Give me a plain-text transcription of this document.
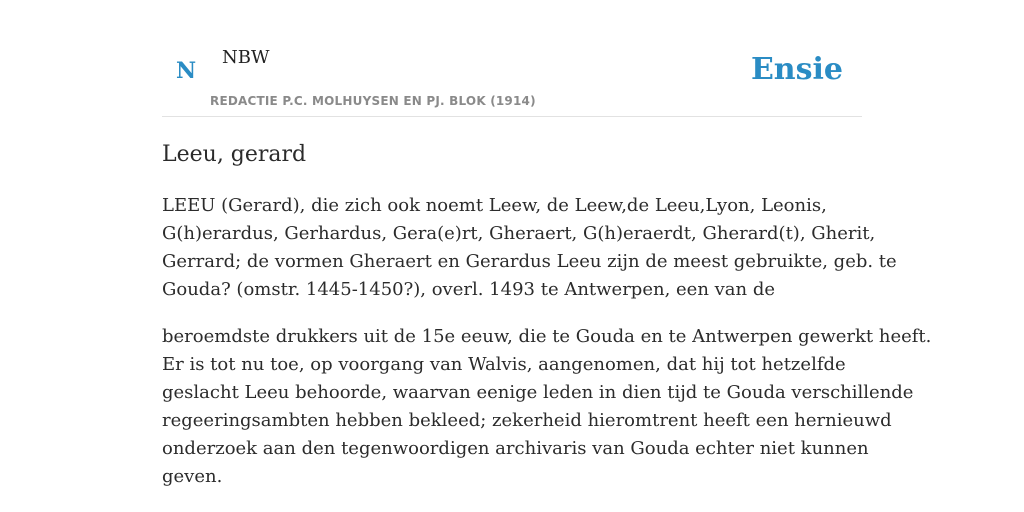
N
NBW
REDACTIE P.C. MOLHUYSEN EN PJ. BLOK (1914)
Ensie
Leeu, gerard

LEEU (Gerard), die zich ook noemt Leew, de Leew,de Leeu,Lyon, Leonis,
G(h)erardus, Gerhardus, Gera(e)rt, Gheraert, G(h)eraerdt, Gherard(t), Gherit,
Gerrard; de vormen Gheraert en Gerardus Leeu zijn de meest gebruikte, geb. te
Gouda? (omstr. 1445-1450?), overl. 1493 te Antwerpen, een van de

beroemdste drukkers uit de 15e eeuw, die te Gouda en te Antwerpen gewerkt heeft.
Er is tot nu toe, op voorgang van Walvis, aangenomen, dat hij tot hetzelfde
geslacht Leeu behoorde, waarvan eenige leden in dien tijd te Gouda verschillende
regeeringsambten hebben bekleed; zekerheid hieromtrent heeft een hernieuwd
onderzoek aan den tegenwoordigen archivaris van Gouda echter niet kunnen
geven.
